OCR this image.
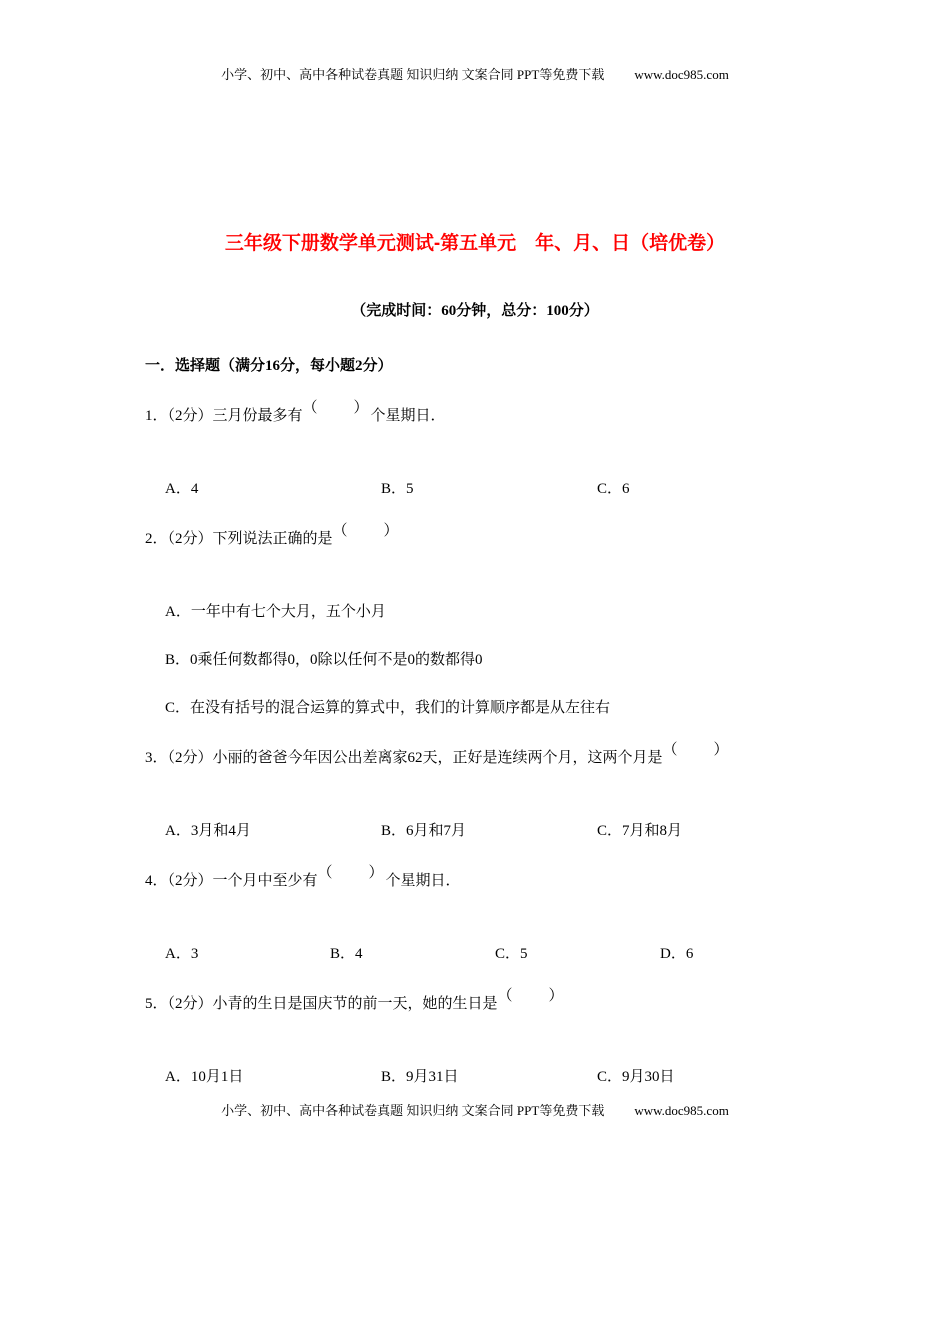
小学、初中、高中各种试卷真题 知识归纳 文案合同 PPT等免费下载 www.doc985.com
三年级下册数学单元测试-第五单元　年、月、日（培优卷）
（完成时间：60分钟，总分：100分）
一．选择题（满分16分，每小题2分）
1．（2分）三月份最多有（　　）个星期日．
A．4	B．5	C．6
2．（2分）下列说法正确的是（　　）
A．一年中有七个大月，五个小月
B．0乘任何数都得0，0除以任何不是0的数都得0
C．在没有括号的混合运算的算式中，我们的计算顺序都是从左往右
3．（2分）小丽的爸爸今年因公出差离家62天，正好是连续两个月，这两个月是（　　）
A．3月和4月	B．6月和7月	C．7月和8月
4．（2分）一个月中至少有（　　）个星期日．
A．3	B．4	C．5	D．6
5．（2分）小青的生日是国庆节的前一天，她的生日是（　　）
A．10月1日	B．9月31日	C．9月30日
小学、初中、高中各种试卷真题 知识归纳 文案合同 PPT等免费下载 www.doc985.com
